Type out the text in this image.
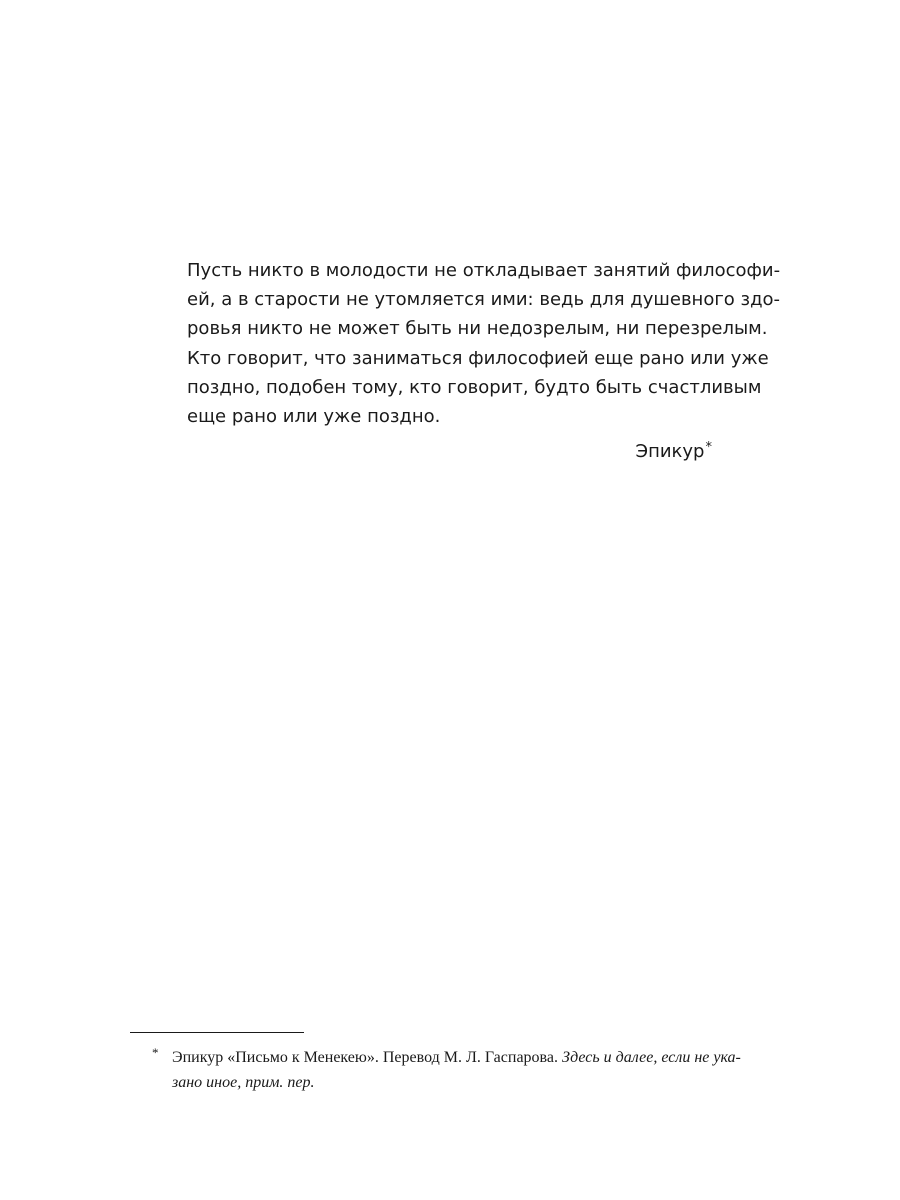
Пусть никто в молодости не откладывает занятий философи-
ей, а в старости не утомляется ими: ведь для душевного здо-
ровья никто не может быть ни недозрелым, ни перезрелым.
Кто говорит, что заниматься философией еще рано или уже
поздно, подобен тому, кто говорит, будто быть счастливым
еще рано или уже поздно.
Эпикур*
* Эпикур «Письмо к Менекею». Перевод М. Л. Гаспарова. Здесь и далее, если не ука-
зано иное, прим. пер.
